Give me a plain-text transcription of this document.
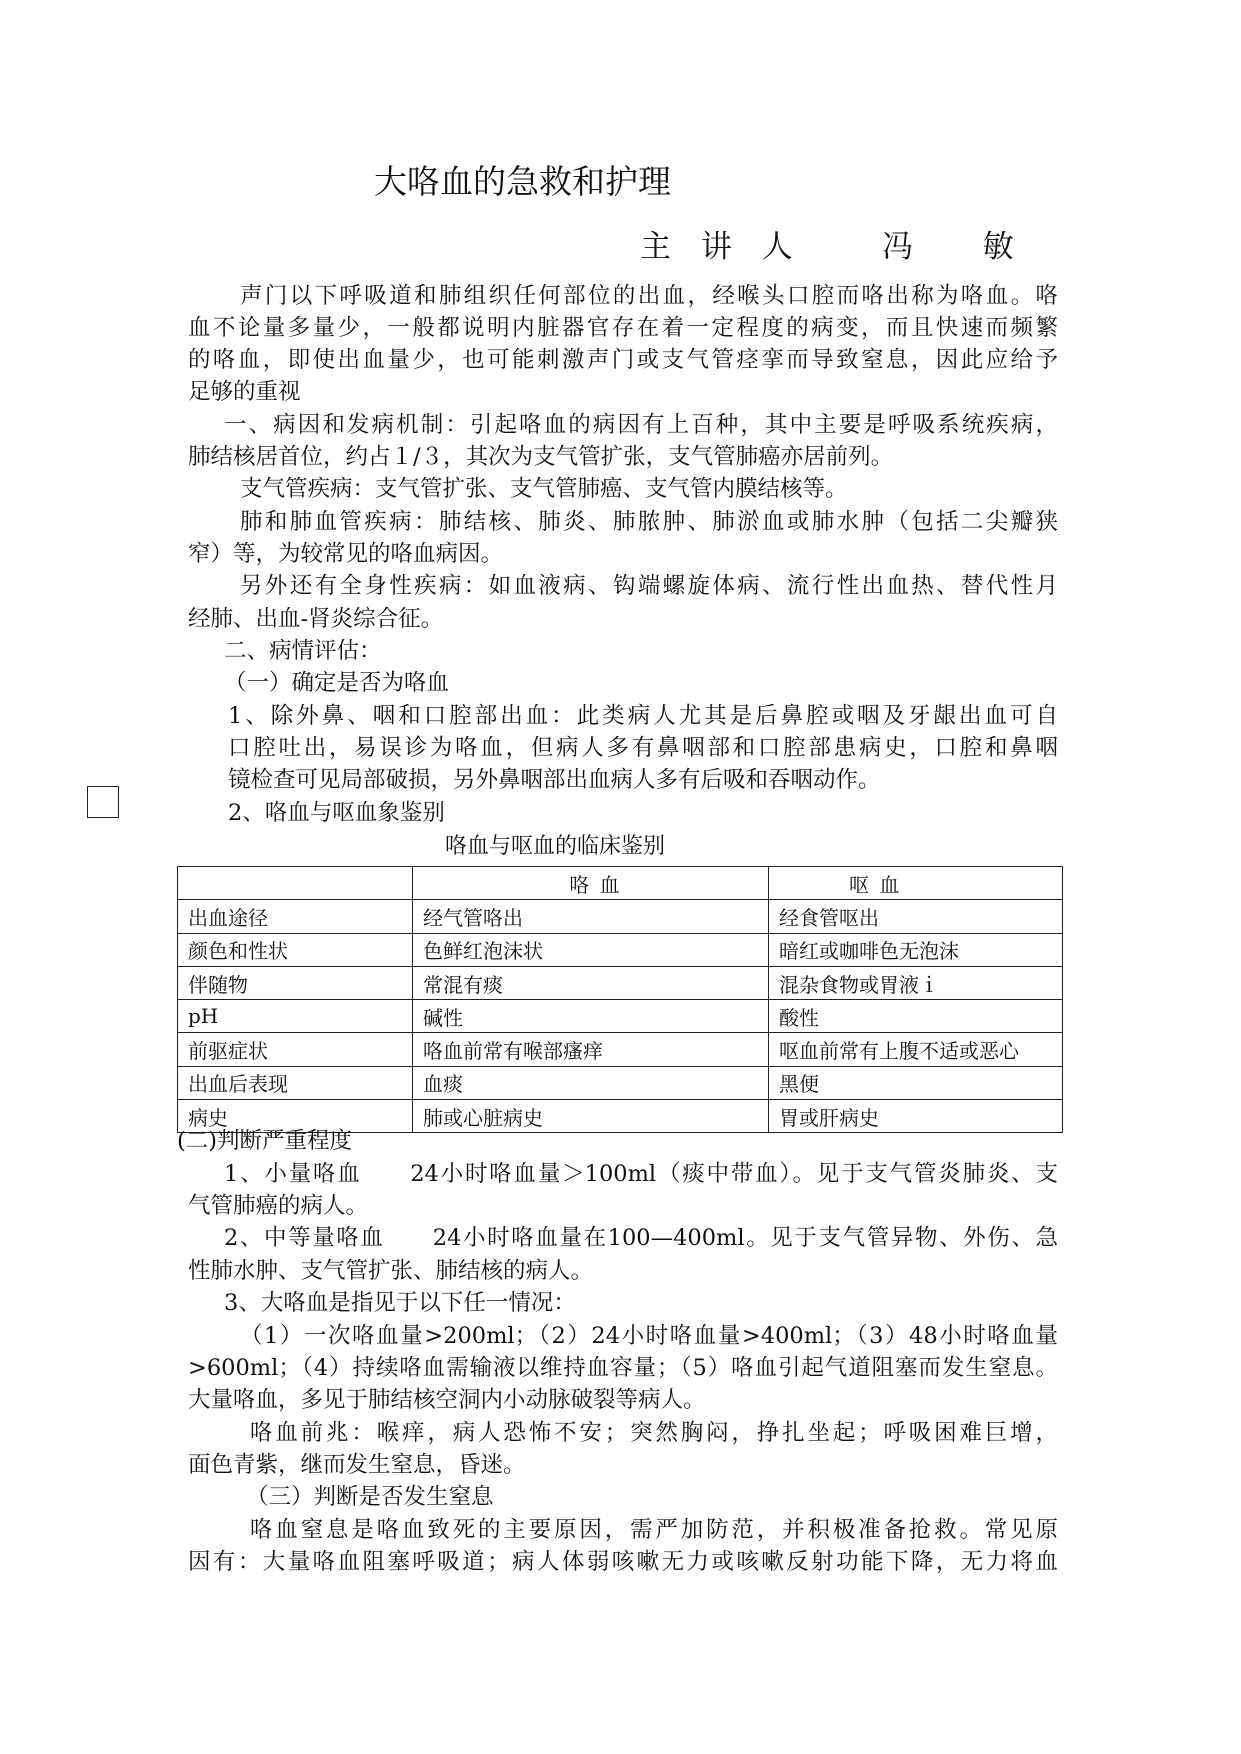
大咯血的急救和护理
主 讲 人    冯   敏
声门以下呼吸道和肺组织任何部位的出血，经喉头口腔而咯出称为咯血。咯
血不论量多量少，一般都说明内脏器官存在着一定程度的病变，而且快速而频繁
的咯血，即使出血量少，也可能刺激声门或支气管痉挛而导致窒息，因此应给予
足够的重视
一、病因和发病机制：引起咯血的病因有上百种，其中主要是呼吸系统疾病，
肺结核居首位，约占１/３，其次为支气管扩张，支气管肺癌亦居前列。
支气管疾病：支气管扩张、支气管肺癌、支气管内膜结核等。
肺和肺血管疾病：肺结核、肺炎、肺脓肿、肺淤血或肺水肿（包括二尖瓣狭
窄）等，为较常见的咯血病因。
另外还有全身性疾病：如血液病、钩端螺旋体病、流行性出血热、替代性月
经肺、出血-肾炎综合征。
二、病情评估：
（一）确定是否为咯血
1、除外鼻、咽和口腔部出血：此类病人尤其是后鼻腔或咽及牙龈出血可自
口腔吐出，易误诊为咯血，但病人多有鼻咽部和口腔部患病史，口腔和鼻咽
镜检查可见局部破损，另外鼻咽部出血病人多有后吸和吞咽动作。
2、咯血与呕血象鉴别
咯血与呕血的临床鉴别
	咯 血	呕 血
出血途径	经气管咯出	经食管呕出
颜色和性状	色鲜红泡沫状	暗红或咖啡色无泡沫
伴随物	常混有痰	混杂食物或胃液ｉ
pH	碱性	酸性
前驱症状	咯血前常有喉部瘙痒	呕血前常有上腹不适或恶心
出血后表现	血痰	黑便
病史	肺或心脏病史	胃或肝病史
(二)判断严重程度
1、小量咯血　　24小时咯血量＞100ml（痰中带血）。见于支气管炎肺炎、支
气管肺癌的病人。
2、中等量咯血　　24小时咯血量在100—400ml。见于支气管异物、外伤、急
性肺水肿、支气管扩张、肺结核的病人。
3、大咯血是指见于以下任一情况：
（1）一次咯血量>200ml；（2）24小时咯血量>400ml；（3）48小时咯血量
>600ml；（4）持续咯血需输液以维持血容量；（5）咯血引起气道阻塞而发生窒息。
大量咯血，多见于肺结核空洞内小动脉破裂等病人。
咯血前兆：喉痒，病人恐怖不安；突然胸闷，挣扎坐起；呼吸困难巨增，
面色青紫，继而发生窒息，昏迷。
（三）判断是否发生窒息
咯血窒息是咯血致死的主要原因，需严加防范，并积极准备抢救。常见原
因有：大量咯血阻塞呼吸道；病人体弱咳嗽无力或咳嗽反射功能下降，无力将血
